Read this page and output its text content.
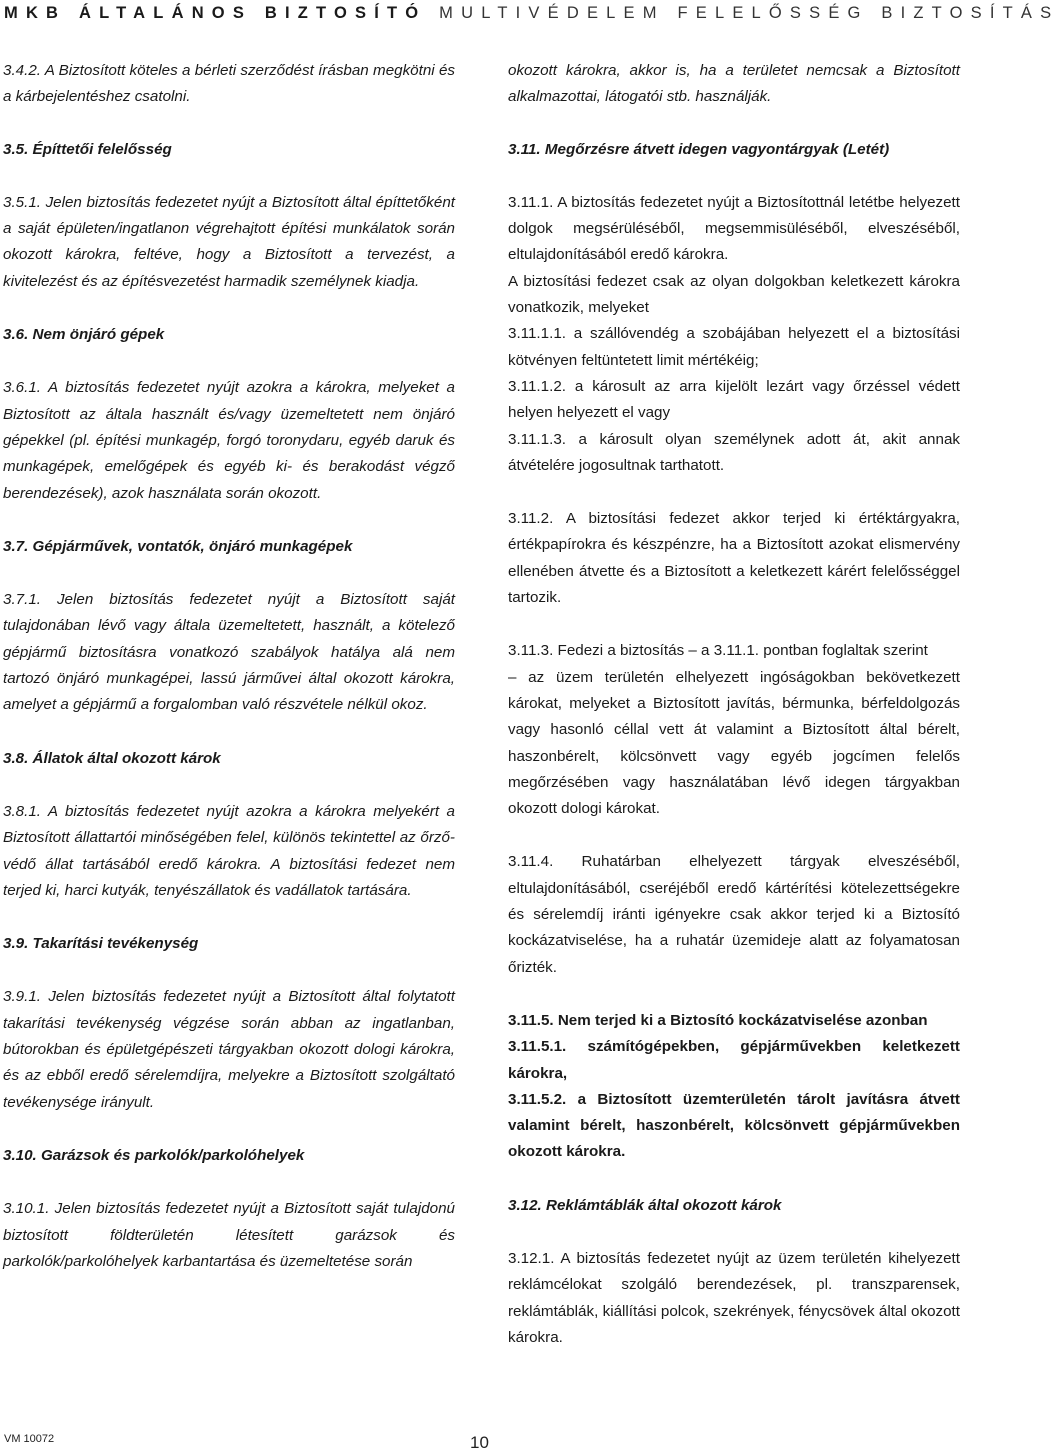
MKB ÁLTALÁNOS BIZTOSÍTÓ MULTIVÉDELEM FELELŐSSÉG BIZTOSÍTÁS

3.4.2. A Biztosított köteles a bérleti szerződést írásban megkötni és a kárbejelentéshez csatolni.

3.5. Építtetői felelősség

3.5.1. Jelen biztosítás fedezetet nyújt a Biztosított által építtetőként a saját épületen/ingatlanon végrehajtott építési munkálatok során okozott károkra, feltéve, hogy a Biztosított a tervezést, a kivitelezést és az építésvezetést harmadik személynek kiadja.

3.6. Nem önjáró gépek

3.6.1. A biztosítás fedezetet nyújt azokra a károkra, melyeket a Biztosított az általa használt és/vagy üzemeltetett nem önjáró gépekkel (pl. építési munkagép, forgó toronydaru, egyéb daruk és munkagépek, emelőgépek és egyéb ki- és berakodást végző berendezések), azok használata során okozott.

3.7. Gépjárművek, vontatók, önjáró munkagépek

3.7.1. Jelen biztosítás fedezetet nyújt a Biztosított saját tulajdonában lévő vagy általa üzemeltetett, használt, a kötelező gépjármű biztosításra vonatkozó szabályok hatálya alá nem tartozó önjáró munkagépei, lassú járművei által okozott károkra, amelyet a gépjármű a forgalomban való részvétele nélkül okoz.

3.8. Állatok által okozott károk

3.8.1. A biztosítás fedezetet nyújt azokra a károkra melyekért a Biztosított állattartói minőségében felel, különös tekintettel az őrző-védő állat tartásából eredő károkra. A biztosítási fedezet nem terjed ki, harci kutyák, tenyészállatok és vadállatok tartására.

3.9. Takarítási tevékenység

3.9.1. Jelen biztosítás fedezetet nyújt a Biztosított által folytatott takarítási tevékenység végzése során abban az ingatlanban, bútorokban és épületgépészeti tárgyakban okozott dologi károkra, és az ebből eredő sérelemdíjra, melyekre a Biztosított szolgáltató tevékenysége irányult.

3.10. Garázsok és parkolók/parkolóhelyek

3.10.1. Jelen biztosítás fedezetet nyújt a Biztosított saját tulajdonú biztosított földterületén létesített garázsok és parkolók/parkolóhelyek karbantartása és üzemeltetése során

okozott károkra, akkor is, ha a területet nemcsak a Biztosított alkalmazottai, látogatói stb. használják.

3.11. Megőrzésre átvett idegen vagyontárgyak (Letét)

3.11.1. A biztosítás fedezetet nyújt a Biztosítottnál letétbe helyezett dolgok megsérüléséből, megsemmisüléséből, elveszéséből, eltulajdonításából eredő károkra.

A biztosítási fedezet csak az olyan dolgokban keletkezett károkra vonatkozik, melyeket

3.11.1.1. a szállóvendég a szobájában helyezett el a biztosítási kötvényen feltüntetett limit mértékéig;

3.11.1.2. a károsult az arra kijelölt lezárt vagy őrzéssel védett helyen helyezett el vagy

3.11.1.3. a károsult olyan személynek adott át, akit annak átvételére jogosultnak tarthatott.

3.11.2. A biztosítási fedezet akkor terjed ki értéktárgyakra, értékpapírokra és készpénzre, ha a Biztosított azokat elismervény ellenében átvette és a Biztosított a keletkezett kárért felelősséggel tartozik.

3.11.3. Fedezi a biztosítás – a 3.11.1. pontban foglaltak szerint

– az üzem területén elhelyezett ingóságokban bekövetkezett károkat, melyeket a Biztosított javítás, bérmunka, bérfeldolgozás vagy hasonló céllal vett át valamint a Biztosított által bérelt, haszonbérelt, kölcsönvett vagy egyéb jogcímen felelős megőrzésében vagy használatában lévő idegen tárgyakban okozott dologi károkat.

3.11.4. Ruhatárban elhelyezett tárgyak elveszéséből, eltulajdonításából, cseréjéből eredő kártérítési kötelezettségekre és sérelemdíj iránti igényekre csak akkor terjed ki a Biztosító kockázatviselése, ha a ruhatár üzemideje alatt az folyamatosan őrizték.

3.11.5. Nem terjed ki a Biztosító kockázatviselése azonban

3.11.5.1. számítógépekben, gépjárművekben keletkezett károkra,

3.11.5.2. a Biztosított üzemterületén tárolt javításra átvett valamint bérelt, haszonbérelt, kölcsönvett gépjárművekben okozott károkra.

3.12. Reklámtáblák által okozott károk

3.12.1. A biztosítás fedezetet nyújt az üzem területén kihelyezett reklámcélokat szolgáló berendezések, pl. transzparensek, reklámtáblák, kiállítási polcok, szekrények, fénycsövek által okozott károkra.

VM 10072	10
